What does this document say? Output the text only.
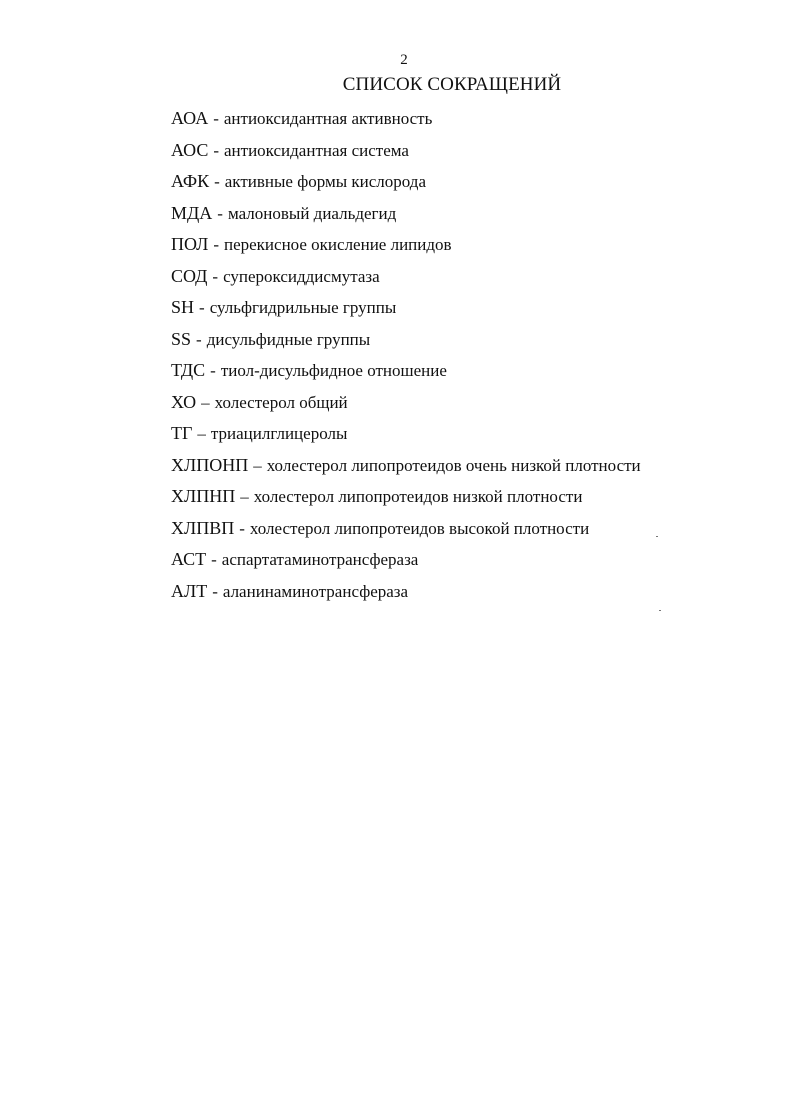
2
СПИСОК СОКРАЩЕНИЙ
АОА - антиоксидантная активность
АОС - антиоксидантная система
АФК - активные формы кислорода
МДА - малоновый диальдегид
ПОЛ - перекисное окисление липидов
СОД - супероксиддисмутаза
SH - сульфгидрильные группы
SS - дисульфидные группы
ТДС - тиол-дисульфидное отношение
ХО – холестерол общий
ТГ – триацилглицеролы
ХЛПОНП – холестерол липопротеидов очень низкой плотности
ХЛПНП – холестерол липопротеидов низкой плотности
ХЛПВП - холестерол липопротеидов высокой плотности
АСТ - аспартатаминотрансфераза
АЛТ - аланинаминотрансфераза
